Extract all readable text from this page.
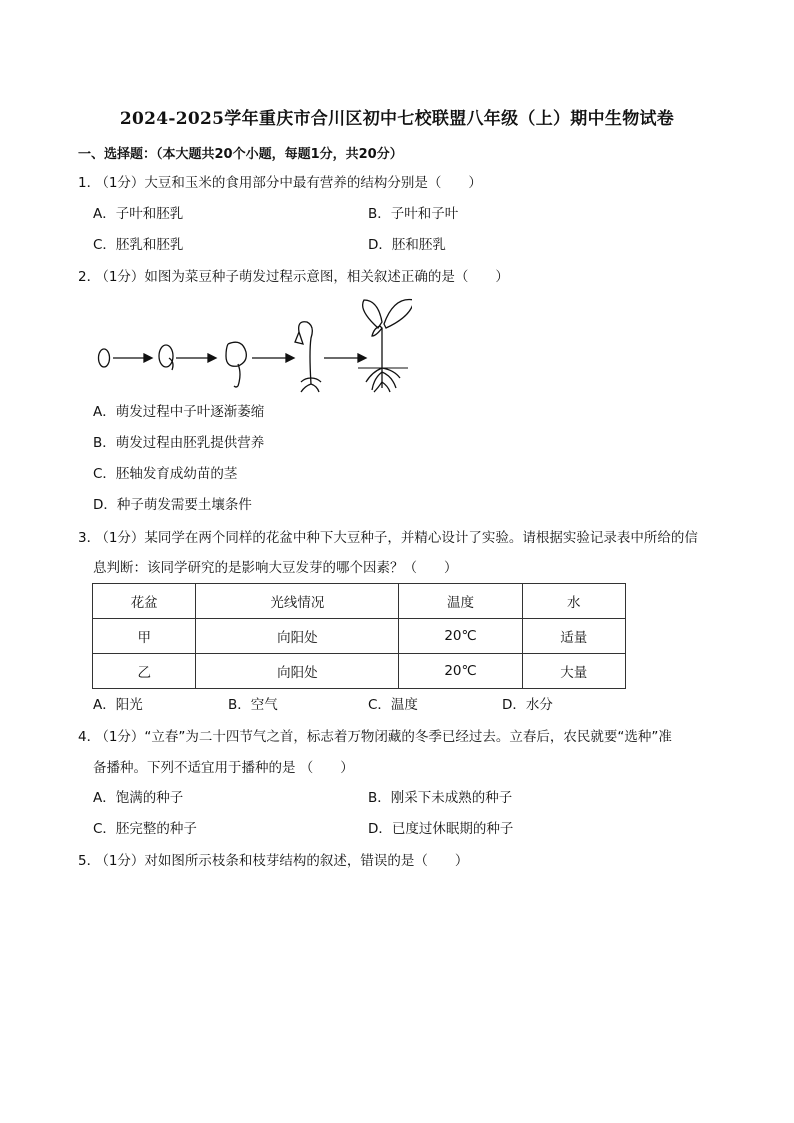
2024-2025学年重庆市合川区初中七校联盟八年级（上）期中生物试卷
一、选择题：（本大题共20个小题，每题1分，共20分）
1． （1分）大豆和玉米的食用部分中最有营养的结构分别是（　　）
A．子叶和胚乳	B．子叶和子叶
C．胚乳和胚乳	D．胚和胚乳
2． （1分）如图为菜豆种子萌发过程示意图，相关叙述正确的是（　　）
A．萌发过程中子叶逐渐萎缩
B．萌发过程由胚乳提供营养
C．胚轴发育成幼苗的茎
D．种子萌发需要土壤条件
3． （1分）某同学在两个同样的花盆中种下大豆种子，并精心设计了实验。请根据实验记录表中所给的信
息判断：该同学研究的是影响大豆发芽的哪个因素？（　　）
花盆	光线情况	温度	水
甲	向阳处	20℃	适量
乙	向阳处	20℃	大量
A．阳光	B．空气	C．温度	D．水分
4． （1分）“立春”为二十四节气之首，标志着万物闭藏的冬季已经过去。立春后，农民就要“选种”准
备播种。下列不适宜用于播种的是 （　　）
A．饱满的种子	B．刚采下未成熟的种子
C．胚完整的种子	D．已度过休眠期的种子
5． （1分）对如图所示枝条和枝芽结构的叙述，错误的是（　　）
